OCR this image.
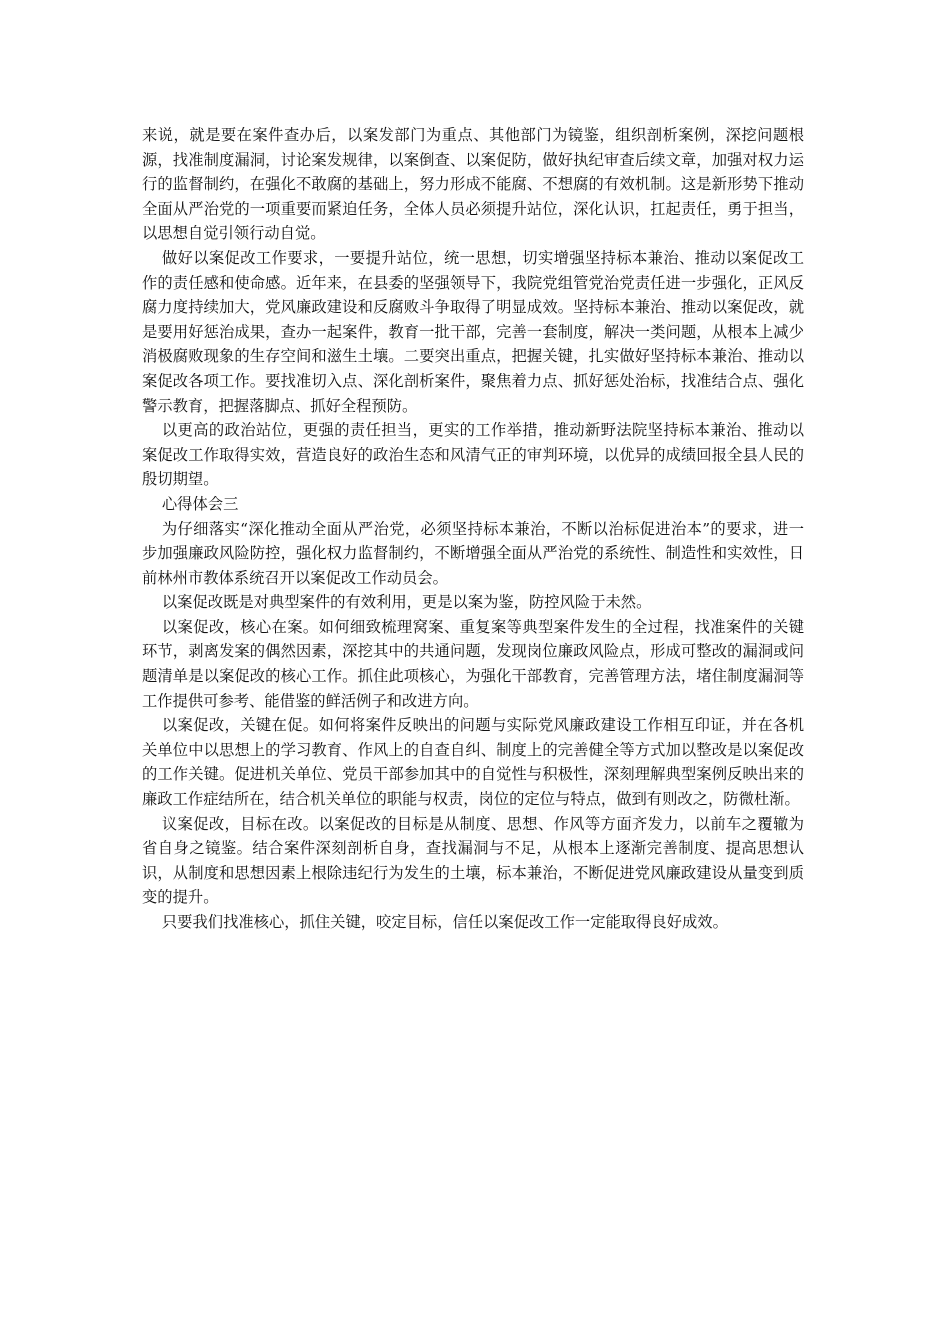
来说，就是要在案件查办后，以案发部门为重点、其他部门为镜鉴，组织剖析案例，深挖问题根源，找准制度漏洞，讨论案发规律，以案倒查、以案促防，做好执纪审查后续文章，加强对权力运行的监督制约，在强化不敢腐的基础上，努力形成不能腐、不想腐的有效机制。这是新形势下推动全面从严治党的一项重要而紧迫任务，全体人员必须提升站位，深化认识，扛起责任，勇于担当，以思想自觉引领行动自觉。

做好以案促改工作要求，一要提升站位，统一思想，切实增强坚持标本兼治、推动以案促改工作的责任感和使命感。近年来，在县委的坚强领导下，我院党组管党治党责任进一步强化，正风反腐力度持续加大，党风廉政建设和反腐败斗争取得了明显成效。坚持标本兼治、推动以案促改，就是要用好惩治成果，查办一起案件，教育一批干部，完善一套制度，解决一类问题，从根本上减少消极腐败现象的生存空间和滋生土壤。二要突出重点，把握关键，扎实做好坚持标本兼治、推动以案促改各项工作。要找准切入点、深化剖析案件，聚焦着力点、抓好惩处治标，找准结合点、强化警示教育，把握落脚点、抓好全程预防。

以更高的政治站位，更强的责任担当，更实的工作举措，推动新野法院坚持标本兼治、推动以案促改工作取得实效，营造良好的政治生态和风清气正的审判环境，以优异的成绩回报全县人民的殷切期望。

心得体会三

为仔细落实“深化推动全面从严治党，必须坚持标本兼治，不断以治标促进治本”的要求，进一步加强廉政风险防控，强化权力监督制约，不断增强全面从严治党的系统性、制造性和实效性，日前林州市教体系统召开以案促改工作动员会。

以案促改既是对典型案件的有效利用，更是以案为鉴，防控风险于未然。

以案促改，核心在案。如何细致梳理窝案、重复案等典型案件发生的全过程，找准案件的关键环节，剥离发案的偶然因素，深挖其中的共通问题，发现岗位廉政风险点，形成可整改的漏洞或问题清单是以案促改的核心工作。抓住此项核心，为强化干部教育，完善管理方法，堵住制度漏洞等工作提供可参考、能借鉴的鲜活例子和改进方向。

以案促改，关键在促。如何将案件反映出的问题与实际党风廉政建设工作相互印证，并在各机关单位中以思想上的学习教育、作风上的自查自纠、制度上的完善健全等方式加以整改是以案促改的工作关键。促进机关单位、党员干部参加其中的自觉性与积极性，深刻理解典型案例反映出来的廉政工作症结所在，结合机关单位的职能与权责，岗位的定位与特点，做到有则改之，防微杜渐。

议案促改，目标在改。以案促改的目标是从制度、思想、作风等方面齐发力，以前车之覆辙为省自身之镜鉴。结合案件深刻剖析自身，查找漏洞与不足，从根本上逐渐完善制度、提高思想认识，从制度和思想因素上根除违纪行为发生的土壤，标本兼治，不断促进党风廉政建设从量变到质变的提升。

只要我们找准核心，抓住关键，咬定目标，信任以案促改工作一定能取得良好成效。
